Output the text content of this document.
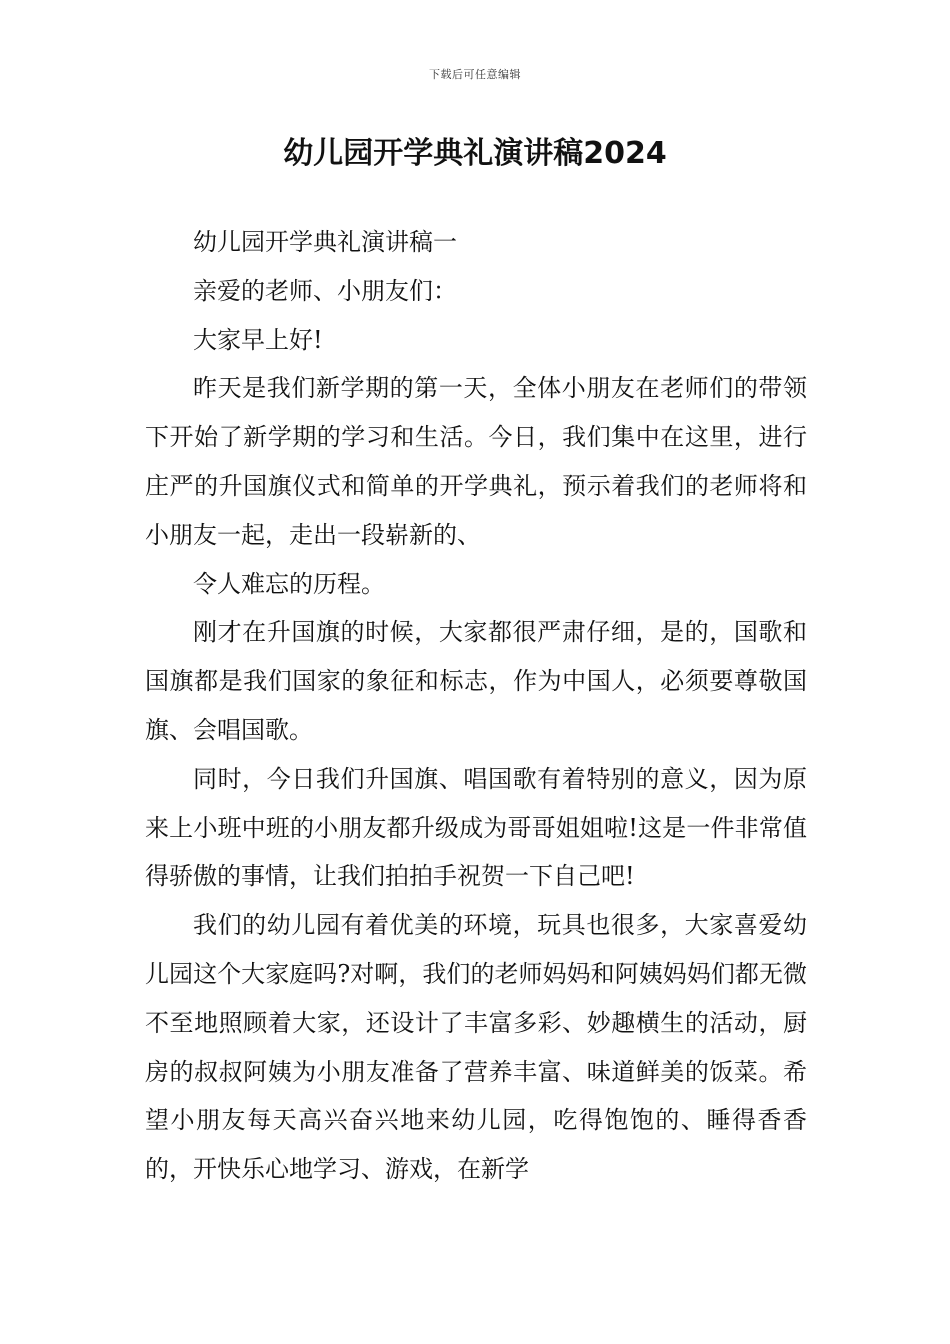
下载后可任意编辑
幼儿园开学典礼演讲稿2024

幼儿园开学典礼演讲稿一

亲爱的老师、小朋友们：

大家早上好!

昨天是我们新学期的第一天，全体小朋友在老师们的带领下开始了新学期的学习和生活。今日，我们集中在这里，进行庄严的升国旗仪式和简单的开学典礼，预示着我们的老师将和小朋友一起，走出一段崭新的、

令人难忘的历程。

刚才在升国旗的时候，大家都很严肃仔细，是的，国歌和国旗都是我们国家的象征和标志，作为中国人，必须要尊敬国旗、会唱国歌。

同时，今日我们升国旗、唱国歌有着特别的意义，因为原来上小班中班的小朋友都升级成为哥哥姐姐啦!这是一件非常值得骄傲的事情，让我们拍拍手祝贺一下自己吧!

我们的幼儿园有着优美的环境，玩具也很多，大家喜爱幼儿园这个大家庭吗?对啊，我们的老师妈妈和阿姨妈妈们都无微不至地照顾着大家，还设计了丰富多彩、妙趣横生的活动，厨房的叔叔阿姨为小朋友准备了营养丰富、味道鲜美的饭菜。希望小朋友每天高兴奋兴地来幼儿园，吃得饱饱的、睡得香香的，开快乐心地学习、游戏，在新学
